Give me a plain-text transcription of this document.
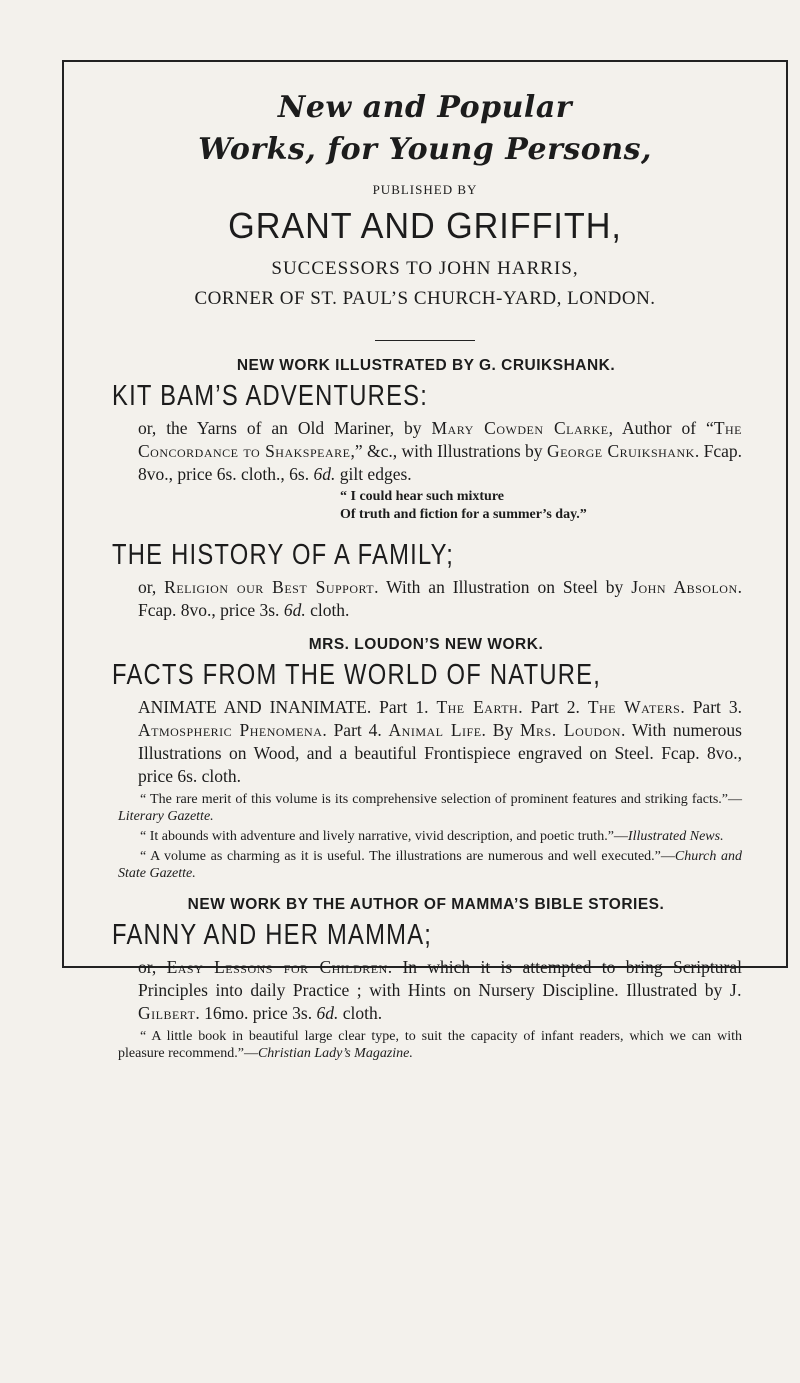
New and Popular

Works, for Young Persons,

PUBLISHED BY
GRANT AND GRIFFITH,
SUCCESSORS TO JOHN HARRIS,
CORNER OF ST. PAUL’S CHURCH-YARD, LONDON.
NEW WORK ILLUSTRATED BY G. CRUIKSHANK.
KIT BAM’S ADVENTURES:
or, the Yarns of an Old Mariner, by Mary Cowden Clarke, Author of “The Concordance to Shakspeare,” &c., with Illustrations by George Cruikshank. Fcap. 8vo., price 6s. cloth., 6s. 6d. gilt edges.
“ I could hear such mixture
Of truth and fiction for a summer’s day.”
THE HISTORY OF A FAMILY;
or, Religion our Best Support. With an Illustration on Steel by John Absolon. Fcap. 8vo., price 3s. 6d. cloth.
MRS. LOUDON’S NEW WORK.
FACTS FROM THE WORLD OF NATURE,
ANIMATE AND INANIMATE. Part 1. The Earth. Part 2. The Waters. Part 3. Atmospheric Phenomena. Part 4. Animal Life. By Mrs. Loudon. With numerous Illustrations on Wood, and a beautiful Frontispiece engraved on Steel. Fcap. 8vo., price 6s. cloth.
“ The rare merit of this volume is its comprehensive selection of prominent features and striking facts.”—Literary Gazette.
“ It abounds with adventure and lively narrative, vivid description, and poetic truth.”—Illustrated News.
“ A volume as charming as it is useful. The illustrations are numerous and well executed.”—Church and State Gazette.
NEW WORK BY THE AUTHOR OF MAMMA’S BIBLE STORIES.
FANNY AND HER MAMMA;
or, Easy Lessons for Children. In which it is attempted to bring Scriptural Principles into daily Practice ; with Hints on Nursery Discipline. Illustrated by J. Gilbert. 16mo. price 3s. 6d. cloth.
“ A little book in beautiful large clear type, to suit the capacity of infant readers, which we can with pleasure recommend.”—Christian Lady’s Magazine.
